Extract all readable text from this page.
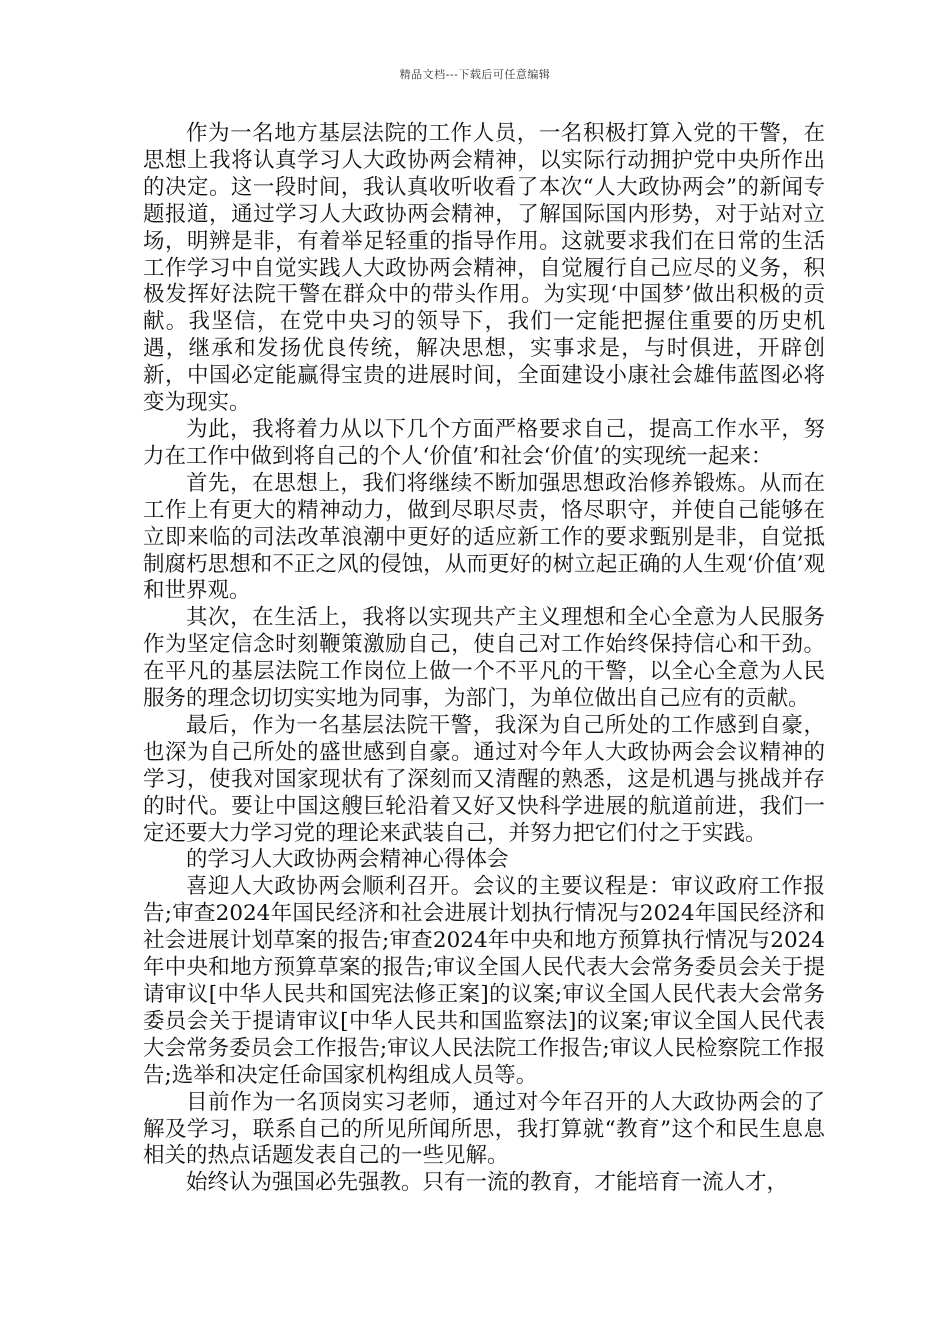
精品文档---下载后可任意编辑

作为一名地方基层法院的工作人员，一名积极打算入党的干警，在思想上我将认真学习人大政协两会精神，以实际行动拥护党中央所作出的决定。这一段时间，我认真收听收看了本次“人大政协两会”的新闻专题报道，通过学习人大政协两会精神，了解国际国内形势，对于站对立场，明辨是非，有着举足轻重的指导作用。这就要求我们在日常的生活工作学习中自觉实践人大政协两会精神，自觉履行自己应尽的义务，积极发挥好法院干警在群众中的带头作用。为实现‘中国梦’做出积极的贡献。我坚信，在党中央习的领导下，我们一定能把握住重要的历史机遇，继承和发扬优良传统，解决思想，实事求是，与时俱进，开辟创新，中国必定能赢得宝贵的进展时间，全面建设小康社会雄伟蓝图必将变为现实。

为此，我将着力从以下几个方面严格要求自己，提高工作水平，努力在工作中做到将自己的个人‘价值’和社会‘价值’的实现统一起来：

首先，在思想上，我们将继续不断加强思想政治修养锻炼。从而在工作上有更大的精神动力，做到尽职尽责，恪尽职守，并使自己能够在立即来临的司法改革浪潮中更好的适应新工作的要求甄别是非，自觉抵制腐朽思想和不正之风的侵蚀，从而更好的树立起正确的人生观‘价值’观和世界观。

其次，在生活上，我将以实现共产主义理想和全心全意为人民服务作为坚定信念时刻鞭策激励自己，使自己对工作始终保持信心和干劲。在平凡的基层法院工作岗位上做一个不平凡的干警，以全心全意为人民服务的理念切切实实地为同事，为部门，为单位做出自己应有的贡献。

最后，作为一名基层法院干警，我深为自己所处的工作感到自豪，也深为自己所处的盛世感到自豪。通过对今年人大政协两会会议精神的学习，使我对国家现状有了深刻而又清醒的熟悉，这是机遇与挑战并存的时代。要让中国这艘巨轮沿着又好又快科学进展的航道前进，我们一定还要大力学习党的理论来武装自己，并努力把它们付之于实践。

的学习人大政协两会精神心得体会

喜迎人大政协两会顺利召开。会议的主要议程是：审议政府工作报告;审查2024年国民经济和社会进展计划执行情况与2024年国民经济和社会进展计划草案的报告;审查2024年中央和地方预算执行情况与2024年中央和地方预算草案的报告;审议全国人民代表大会常务委员会关于提请审议[中华人民共和国宪法修正案]的议案;审议全国人民代表大会常务委员会关于提请审议[中华人民共和国监察法]的议案;审议全国人民代表大会常务委员会工作报告;审议人民法院工作报告;审议人民检察院工作报告;选举和决定任命国家机构组成人员等。

目前作为一名顶岗实习老师，通过对今年召开的人大政协两会的了解及学习，联系自己的所见所闻所思，我打算就“教育”这个和民生息息相关的热点话题发表自己的一些见解。

始终认为强国必先强教。只有一流的教育，才能培育一流人才，
